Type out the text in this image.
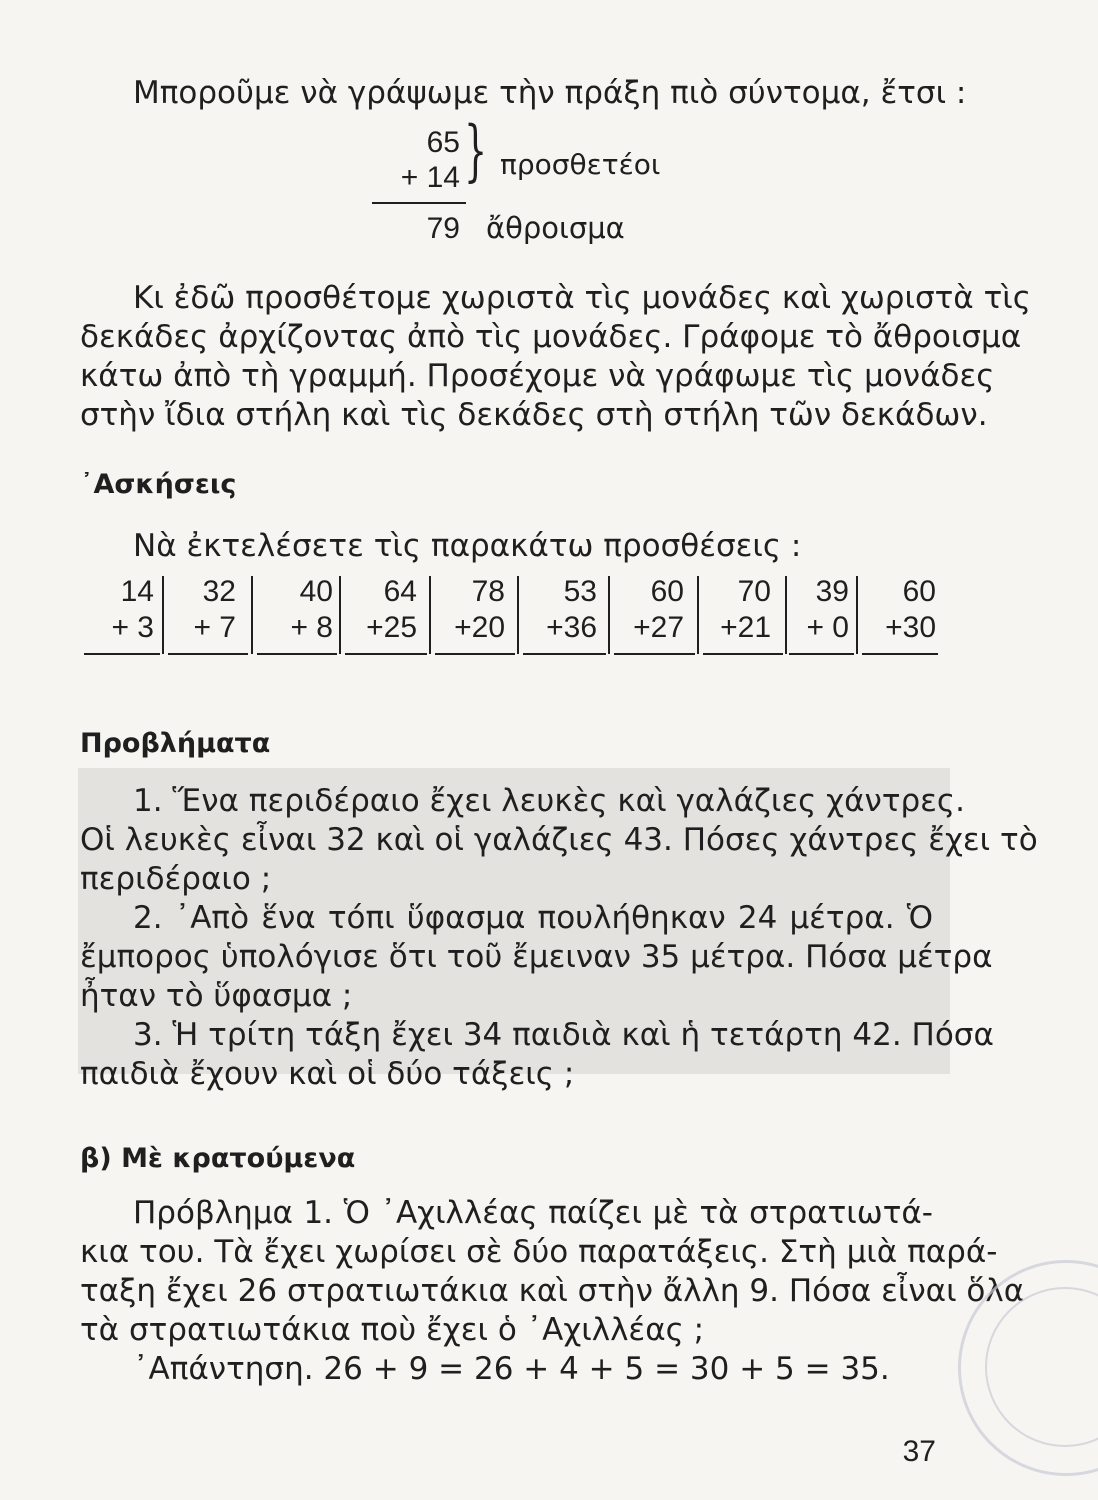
Μποροῦμε νὰ γράψωμε τὴν πράξη πιὸ σύντομα, ἔτσι :
65
+ 14 } προσθετέοι
79 ἄθροισμα
Κι ἐδῶ προσθέτομε χωριστὰ τὶς μονάδες καὶ χωριστὰ τὶς
δεκάδες ἀρχίζοντας ἀπὸ τὶς μονάδες. Γράφομε τὸ ἄθροισμα
κάτω ἀπὸ τὴ γραμμή. Προσέχομε νὰ γράφωμε τὶς μονάδες
στὴν ἴδια στήλη καὶ τὶς δεκάδες στὴ στήλη τῶν δεκάδων.
᾿Ασκήσεις
Νὰ ἐκτελέσετε τὶς παρακάτω προσθέσεις :
14
+ 3
32
+ 7
40
+ 8
64
+25
78
+20
53
+36
60
+27
70
+21
39
+ 0
60
+30
Προβλήματα
1. Ἕνα περιδέραιο ἔχει λευκὲς καὶ γαλάζιες χάντρες.
Οἱ λευκὲς εἶναι 32 καὶ οἱ γαλάζιες 43. Πόσες χάντρες ἔχει τὸ
περιδέραιο ;
2. ᾿Απὸ ἕνα τόπι ὕφασμα πουλήθηκαν 24 μέτρα. Ὁ
ἔμπορος ὑπολόγισε ὅτι τοῦ ἔμειναν 35 μέτρα. Πόσα μέτρα
ἦταν τὸ ὕφασμα ;
3. Ἡ τρίτη τάξη ἔχει 34 παιδιὰ καὶ ἡ τετάρτη 42. Πόσα
παιδιὰ ἔχουν καὶ οἱ δύο τάξεις ;
β) Μὲ κρατούμενα
Πρόβλημα 1. Ὁ ᾿Αχιλλέας παίζει μὲ τὰ στρατιωτά-
κια του. Τὰ ἔχει χωρίσει σὲ δύο παρατάξεις. Στὴ μιὰ παρά-
ταξη ἔχει 26 στρατιωτάκια καὶ στὴν ἄλλη 9. Πόσα εἶναι ὅλα
τὰ στρατιωτάκια ποὺ ἔχει ὁ ᾿Αχιλλέας ;
᾿Απάντηση. 26 + 9 = 26 + 4 + 5 = 30 + 5 = 35.
37
